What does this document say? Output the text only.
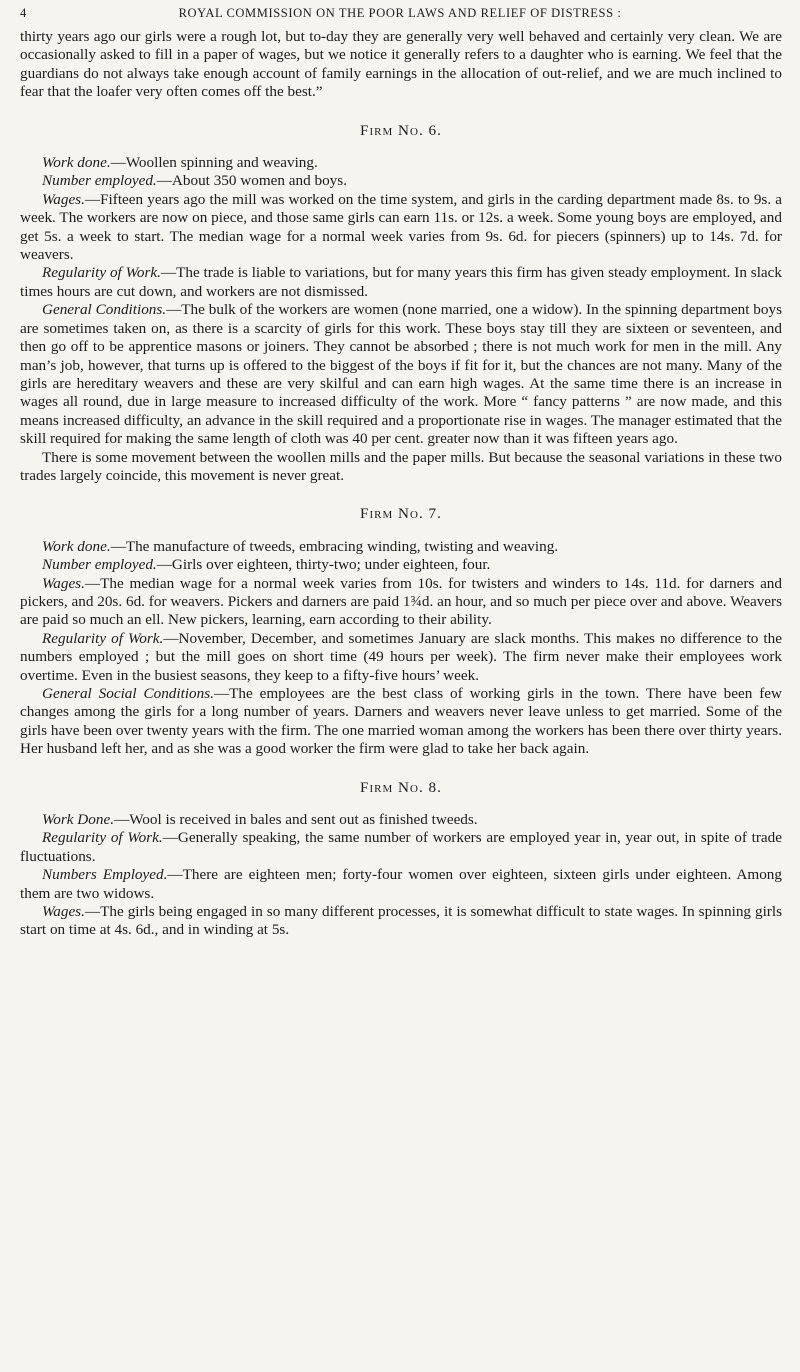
4	ROYAL COMMISSION ON THE POOR LAWS AND RELIEF OF DISTRESS :

thirty years ago our girls were a rough lot, but to-day they are generally very well behaved and certainly very clean. We are occasionally asked to fill in a paper of wages, but we notice it generally refers to a daughter who is earning. We feel that the guardians do not always take enough account of family earnings in the allocation of out-relief, and we are much inclined to fear that the loafer very often comes off the best.”

Firm No. 6.

Work done.—Woollen spinning and weaving.

Number employed.—About 350 women and boys.

Wages.—Fifteen years ago the mill was worked on the time system, and girls in the carding department made 8s. to 9s. a week. The workers are now on piece, and those same girls can earn 11s. or 12s. a week. Some young boys are employed, and get 5s. a week to start. The median wage for a normal week varies from 9s. 6d. for piecers (spinners) up to 14s. 7d. for weavers.

Regularity of Work.—The trade is liable to variations, but for many years this firm has given steady employment. In slack times hours are cut down, and workers are not dismissed.

General Conditions.—The bulk of the workers are women (none married, one a widow). In the spinning department boys are sometimes taken on, as there is a scarcity of girls for this work. These boys stay till they are sixteen or seventeen, and then go off to be apprentice masons or joiners. They cannot be absorbed ; there is not much work for men in the mill. Any man’s job, however, that turns up is offered to the biggest of the boys if fit for it, but the chances are not many. Many of the girls are hereditary weavers and these are very skilful and can earn high wages. At the same time there is an increase in wages all round, due in large measure to increased difficulty of the work. More “ fancy patterns ” are now made, and this means increased difficulty, an advance in the skill required and a proportionate rise in wages. The manager estimated that the skill required for making the same length of cloth was 40 per cent. greater now than it was fifteen years ago.

There is some movement between the woollen mills and the paper mills. But because the seasonal variations in these two trades largely coincide, this movement is never great.

Firm No. 7.

Work done.—The manufacture of tweeds, embracing winding, twisting and weaving.

Number employed.—Girls over eighteen, thirty-two; under eighteen, four.

Wages.—The median wage for a normal week varies from 10s. for twisters and winders to 14s. 11d. for darners and pickers, and 20s. 6d. for weavers. Pickers and darners are paid 1¾d. an hour, and so much per piece over and above. Weavers are paid so much an ell. New pickers, learning, earn according to their ability.

Regularity of Work.—November, December, and sometimes January are slack months. This makes no difference to the numbers employed ; but the mill goes on short time (49 hours per week). The firm never make their employees work overtime. Even in the busiest seasons, they keep to a fifty-five hours’ week.

General Social Conditions.—The employees are the best class of working girls in the town. There have been few changes among the girls for a long number of years. Darners and weavers never leave unless to get married. Some of the girls have been over twenty years with the firm. The one married woman among the workers has been there over thirty years. Her husband left her, and as she was a good worker the firm were glad to take her back again.

Firm No. 8.

Work Done.—Wool is received in bales and sent out as finished tweeds.

Regularity of Work.—Generally speaking, the same number of workers are employed year in, year out, in spite of trade fluctuations.

Numbers Employed.—There are eighteen men; forty-four women over eighteen, sixteen girls under eighteen. Among them are two widows.

Wages.—The girls being engaged in so many different processes, it is somewhat difficult to state wages. In spinning girls start on time at 4s. 6d., and in winding at 5s.
